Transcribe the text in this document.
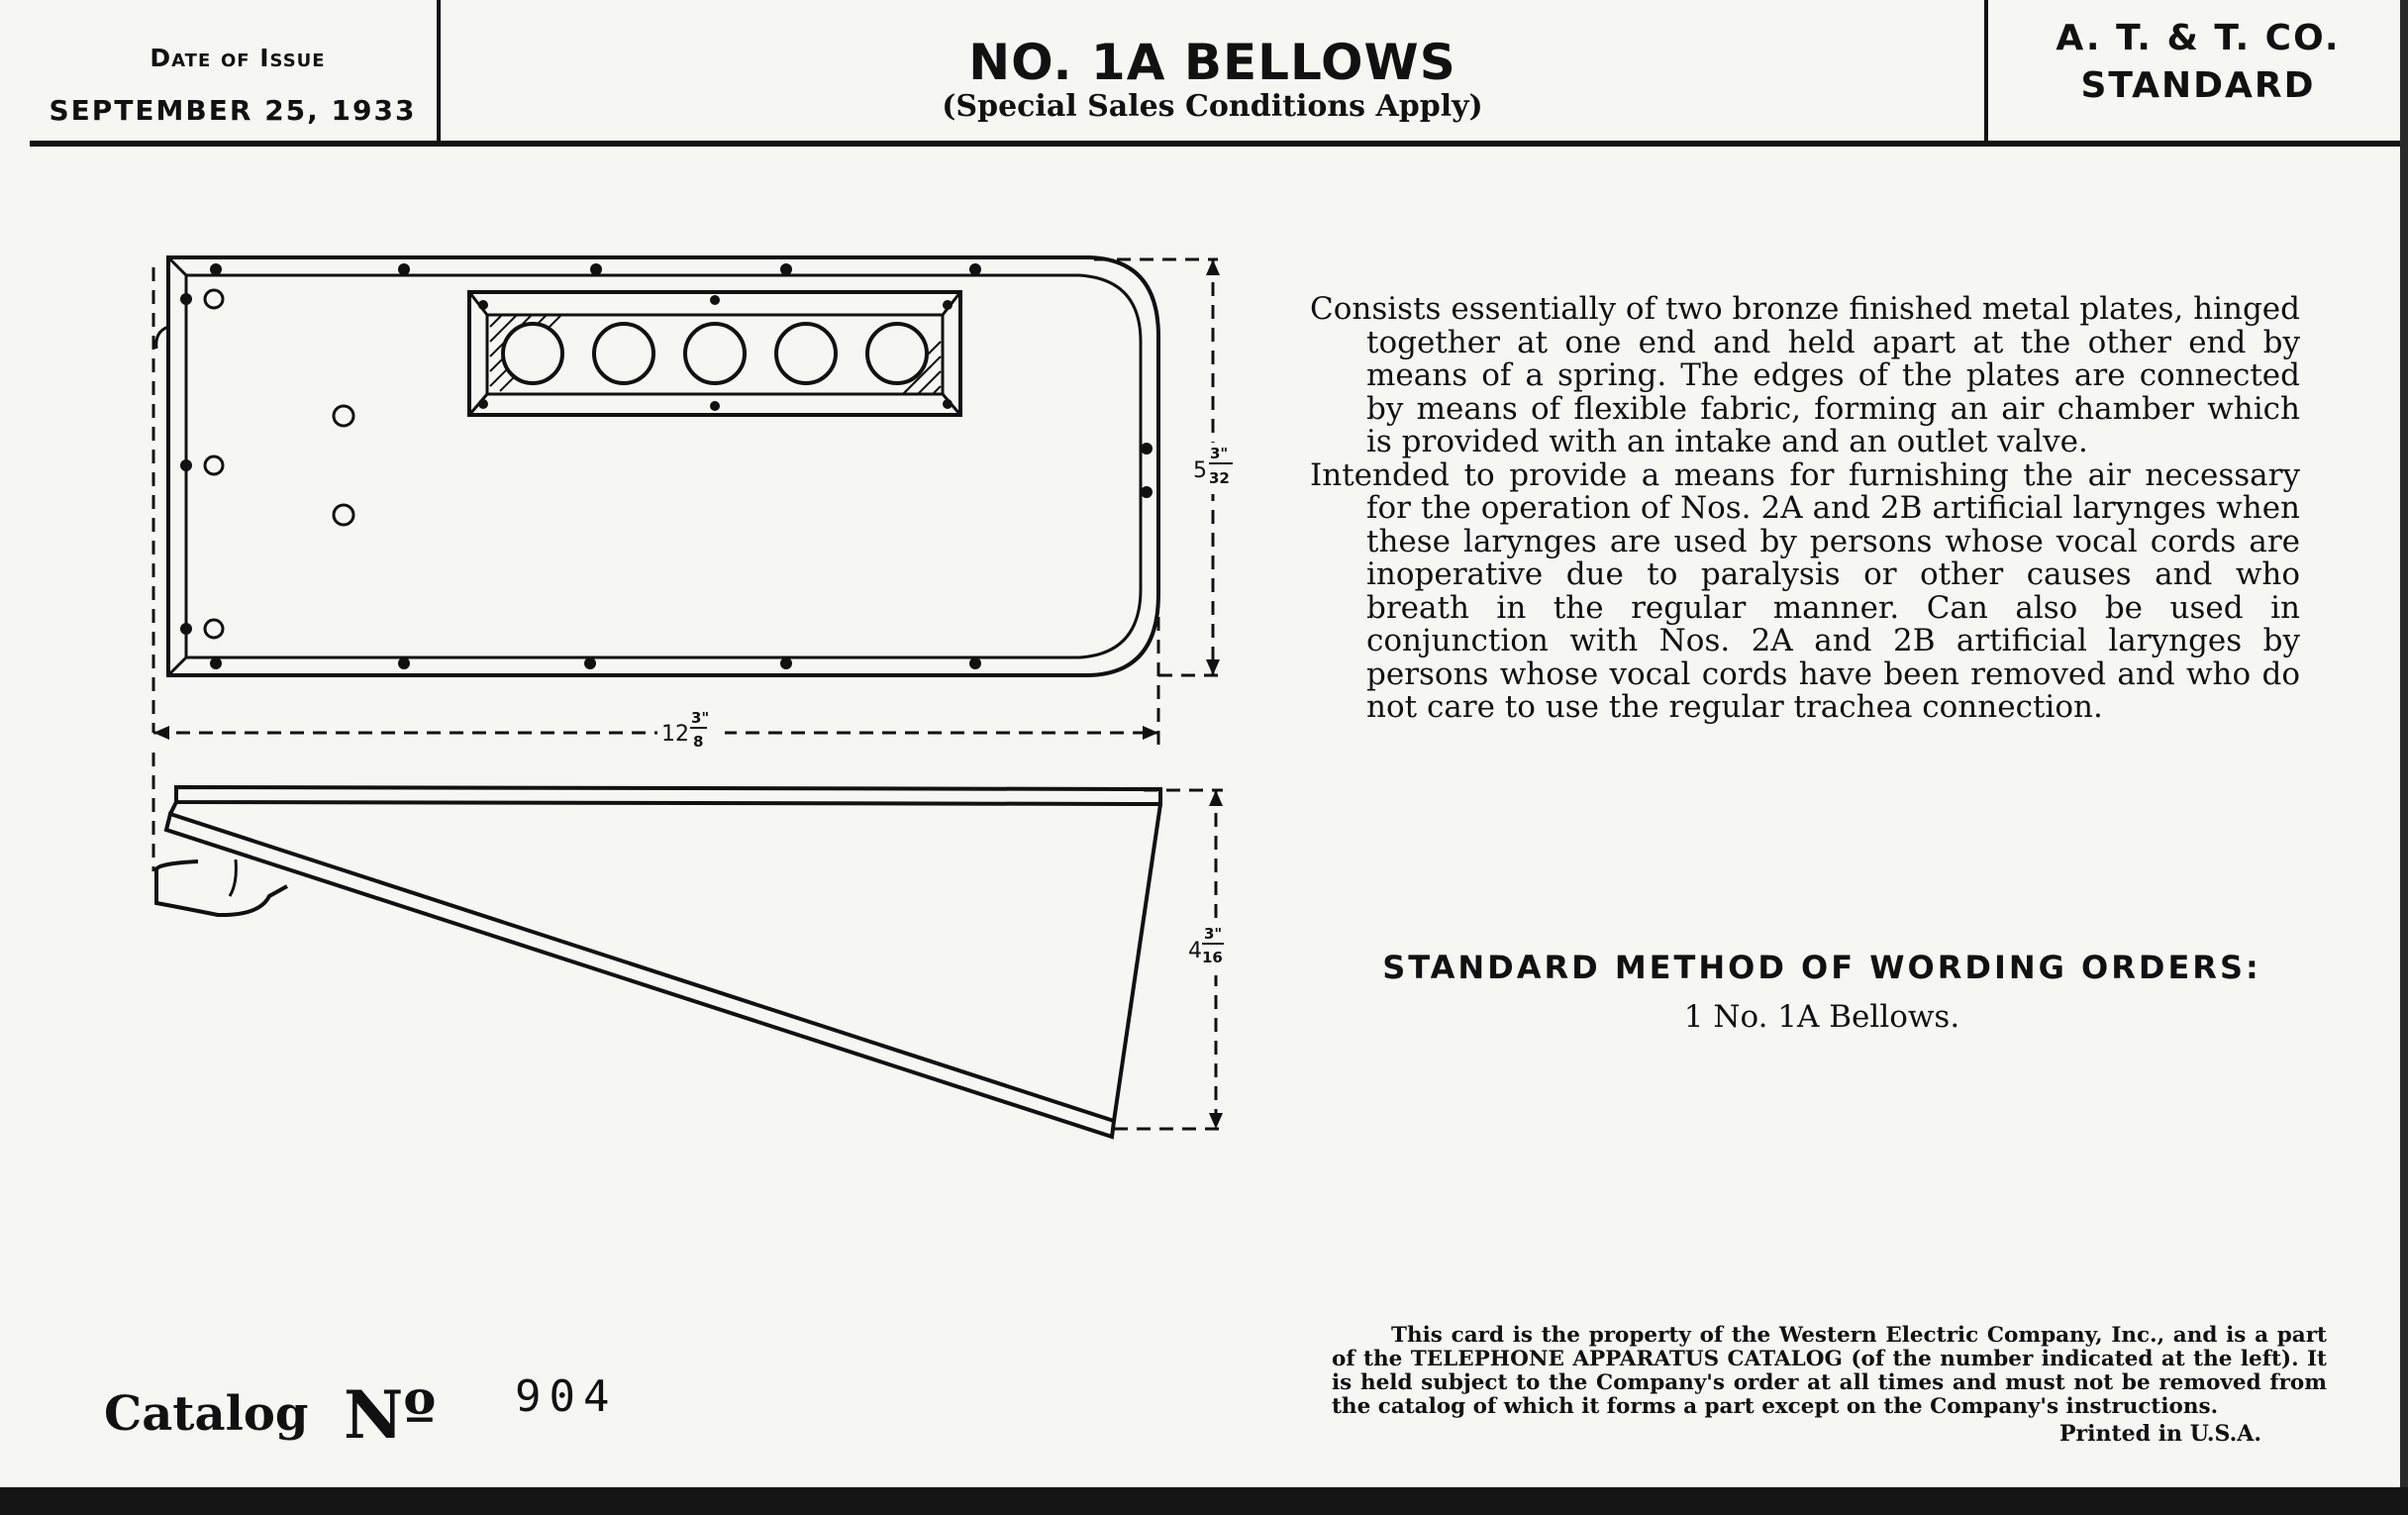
Date of Issue
SEPTEMBER 25, 1933
NO. 1A BELLOWS
(Special Sales Conditions Apply)
A. T. & T. CO.
STANDARD
5
3"
32
12
3"
8
4
3"
16

Consists essentially of two bronze finished metal plates, hinged together at one end and held apart at the other end by means of a spring. The edges of the plates are connected by means of flexible fabric, forming an air chamber which is provided with an intake and an outlet valve.

Intended to provide a means for furnishing the air necessary for the operation of Nos. 2A and 2B artificial larynges when these larynges are used by persons whose vocal cords are inoperative due to paralysis or other causes and who breath in the regular manner. Can also be used in conjunction with Nos. 2A and 2B artificial larynges by persons whose vocal cords have been removed and who do not care to use the regular trachea connection.

STANDARD METHOD OF WORDING ORDERS:
1 No. 1A Bellows.
Catalog Nº 904
This card is the property of the Western Electric Company, Inc., and is a part of the TELEPHONE APPARATUS CATALOG (of the number indicated at the left). It is held subject to the Company's order at all times and must not be removed from the catalog of which it forms a part except on the Company's instructions.
Printed in U.S.A.
